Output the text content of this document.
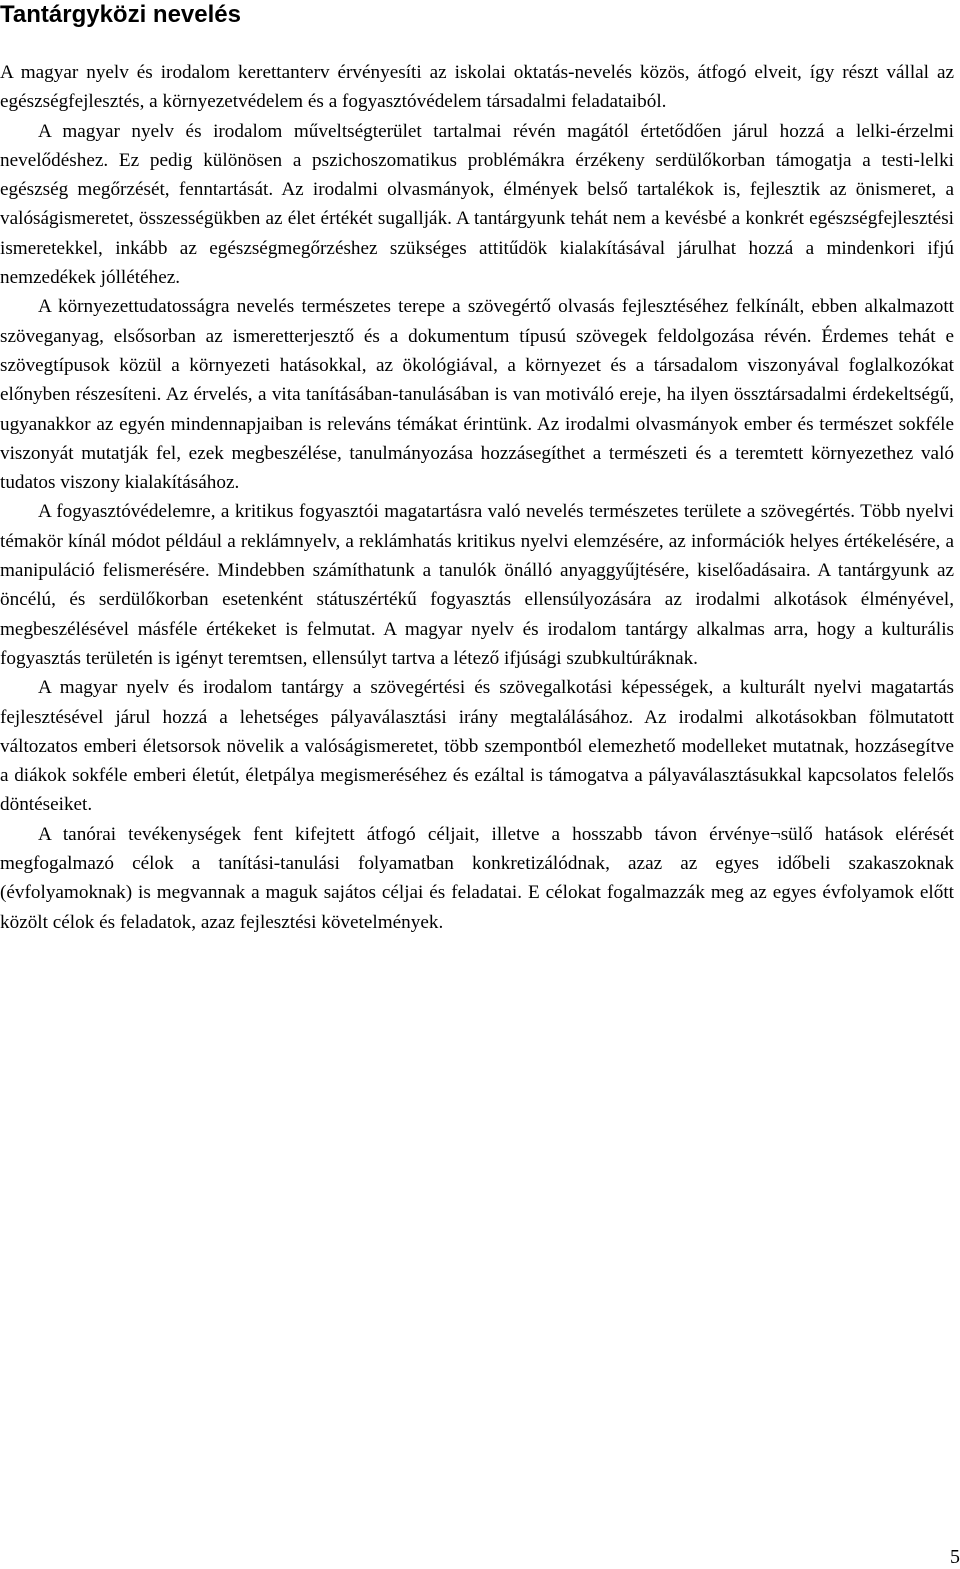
Tantárgyközi nevelés

A magyar nyelv és irodalom kerettanterv érvényesíti az iskolai oktatás-nevelés közös, átfogó elveit, így részt vállal az egészségfejlesztés, a környezetvédelem és a fogyasztóvédelem társadalmi feladataiból.

A magyar nyelv és irodalom műveltségterület tartalmai révén magától értetődően járul hozzá a lelki-érzelmi nevelődéshez. Ez pedig különösen a pszichoszomatikus problémákra érzékeny serdülőkorban támogatja a testi-lelki egészség megőrzését, fenntartását. Az irodalmi olvasmányok, élmények belső tartalékok is, fejlesztik az önismeret, a valóságismeretet, összességükben az élet értékét sugallják. A tantárgyunk tehát nem a kevésbé a konkrét egészségfejlesztési ismeretekkel, inkább az egészségmegőrzéshez szükséges attitűdök kialakításával járulhat hozzá a mindenkori ifjú nemzedékek jóllétéhez.

A környezettudatosságra nevelés természetes terepe a szövegértő olvasás fejlesztéséhez felkínált, ebben alkalmazott szöveganyag, elsősorban az ismeretterjesztő és a dokumentum típusú szövegek feldolgozása révén. Érdemes tehát e szövegtípusok közül a környezeti hatásokkal, az ökológiával, a környezet és a társadalom viszonyával foglalkozókat előnyben részesíteni. Az érvelés, a vita tanításában-tanulásában is van motiváló ereje, ha ilyen össztársadalmi érdekeltségű, ugyanakkor az egyén mindennapjaiban is releváns témákat érintünk. Az irodalmi olvasmányok ember és természet sokféle viszonyát mutatják fel, ezek megbeszélése, tanulmányozása hozzásegíthet a természeti és a teremtett környezethez való tudatos viszony kialakításához.

A fogyasztóvédelemre, a kritikus fogyasztói magatartásra való nevelés természetes területe a szövegértés. Több nyelvi témakör kínál módot például a reklámnyelv, a reklámhatás kritikus nyelvi elemzésére, az információk helyes értékelésére, a manipuláció felismerésére. Mindebben számíthatunk a tanulók önálló anyaggyűjtésére, kiselőadásaira. A tantárgyunk az öncélú, és serdülőkorban esetenként státuszértékű fogyasztás ellensúlyozására az irodalmi alkotások élményével, megbeszélésével másféle értékeket is felmutat. A magyar nyelv és irodalom tantárgy alkalmas arra, hogy a kulturális fogyasztás területén is igényt teremtsen, ellensúlyt tartva a létező ifjúsági szubkultúráknak.

A magyar nyelv és irodalom tantárgy a szövegértési és szövegalkotási képességek, a kulturált nyelvi magatartás fejlesztésével járul hozzá a lehetséges pályaválasztási irány megtalálásához. Az irodalmi alkotásokban fölmutatott változatos emberi életsorsok növelik a valóságismeretet, több szempontból elemezhető modelleket mutatnak, hozzásegítve a diákok sokféle emberi életút, életpálya megismeréséhez és ezáltal is támogatva a pályaválasztásukkal kapcsolatos felelős döntéseiket.

A tanórai tevékenységek fent kifejtett átfogó céljait, illetve a hosszabb távon érvénye¬sülő hatások elérését megfogalmazó célok a tanítási-tanulási folyamatban konkretizálódnak, azaz az egyes időbeli szakaszoknak (évfolyamoknak) is megvannak a maguk sajátos céljai és feladatai. E célokat fogalmazzák meg az egyes évfolyamok előtt közölt célok és feladatok, azaz fejlesztési követelmények.

5
